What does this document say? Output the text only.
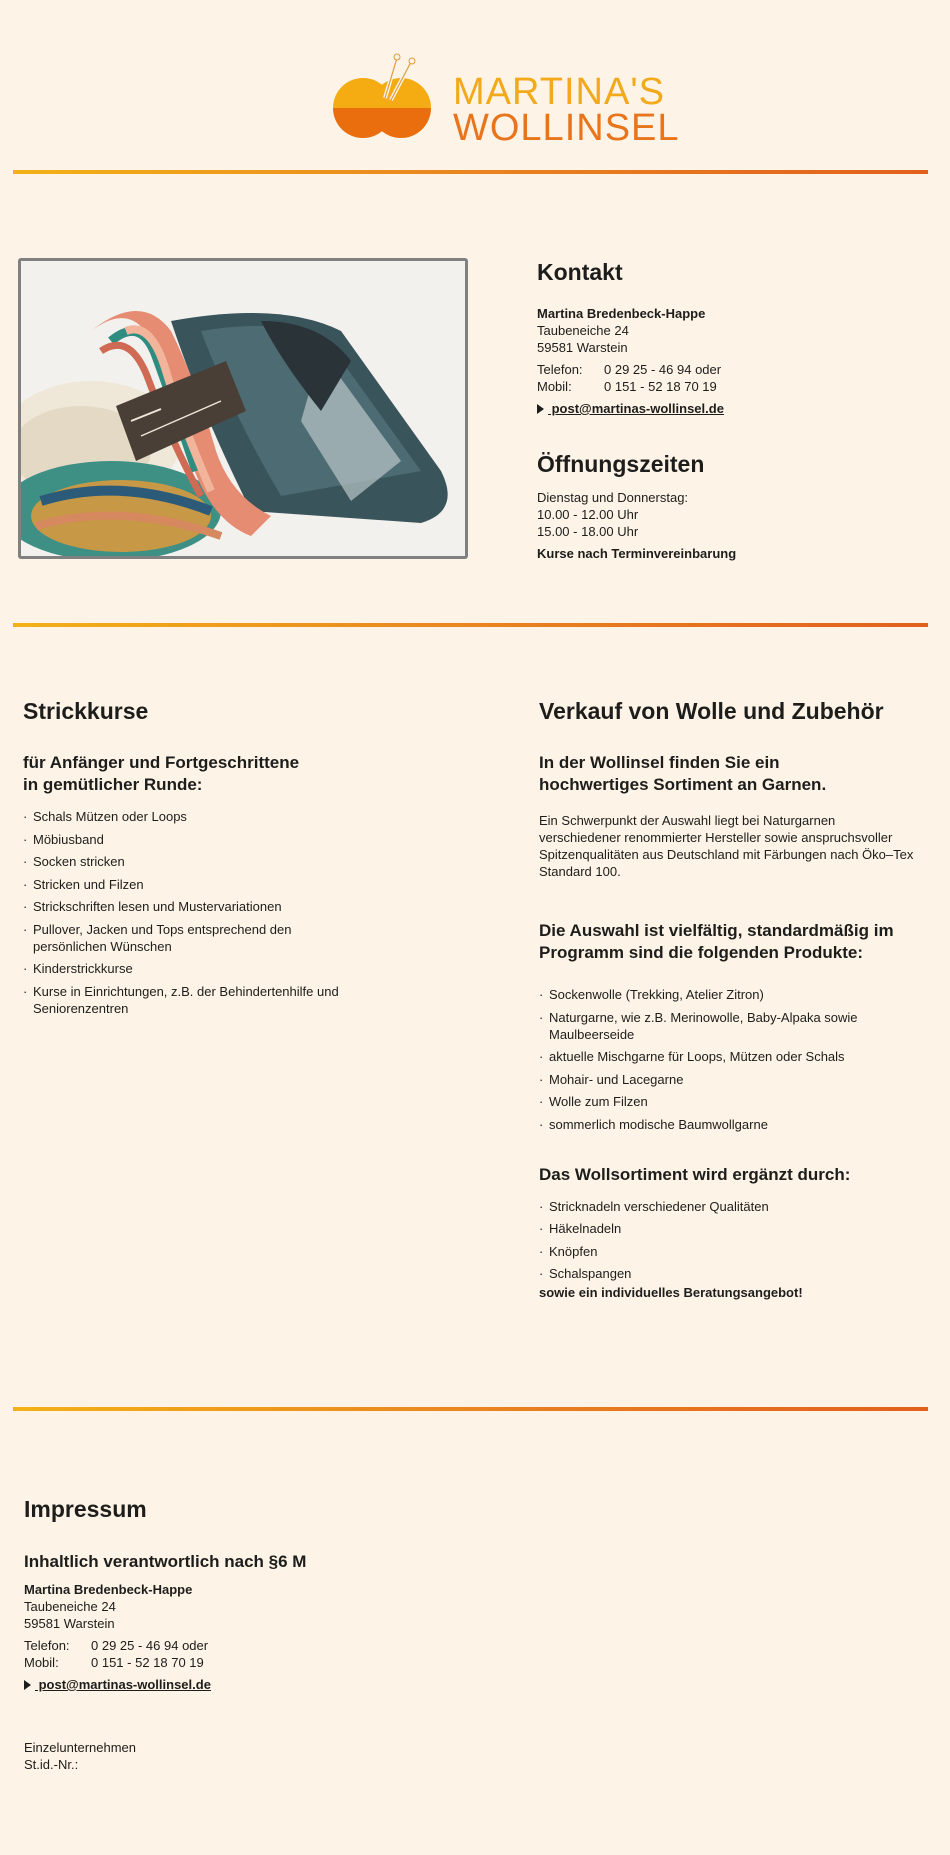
MARTINA'S
WOLLINSEL
Kontakt
Martina Bredenbeck-Happe
Taubeneiche 24
59581 Warstein
Telefon:	0 29 25 - 46 94 oder
Mobil:	0 151 - 52 18 70 19
post@martinas-wollinsel.de
Öffnungszeiten
Dienstag und Donnerstag:
10.00 - 12.00 Uhr
15.00 - 18.00 Uhr
Kurse nach Terminvereinbarung
Strickkurse
für Anfänger und Fortgeschrittene
in gemütlicher Runde:
· Schals Mützen oder Loops
· Möbiusband
· Socken stricken
· Stricken und Filzen
· Strickschriften lesen und Mustervariationen
· Pullover, Jacken und Tops entsprechend den persönlichen Wünschen
· Kinderstrickkurse
· Kurse in Einrichtungen, z.B. der Behindertenhilfe und Seniorenzentren
Verkauf von Wolle und Zubehör
In der Wollinsel finden Sie ein hochwertiges Sortiment an Garnen.

Ein Schwerpunkt der Auswahl liegt bei Naturgarnen verschiedener renommierter Hersteller sowie anspruchsvoller Spitzenqualitäten aus Deutschland mit Färbungen nach Öko–Tex Standard 100.

Die Auswahl ist vielfältig, standardmäßig im Programm sind die folgenden Produkte:
· Sockenwolle (Trekking, Atelier Zitron)
· Naturgarne, wie z.B. Merinowolle, Baby-Alpaka sowie Maulbeerseide
· aktuelle Mischgarne für Loops, Mützen oder Schals
· Mohair- und Lacegarne
· Wolle zum Filzen
· sommerlich modische Baumwollgarne
Das Wollsortiment wird ergänzt durch:
· Stricknadeln verschiedener Qualitäten
· Häkelnadeln
· Knöpfen
· Schalspangen
sowie ein individuelles Beratungsangebot!
Impressum
Inhaltlich verantwortlich nach §6 M
Martina Bredenbeck-Happe
Taubeneiche 24
59581 Warstein
Telefon:	0 29 25 - 46 94 oder
Mobil:	0 151 - 52 18 70 19
post@martinas-wollinsel.de
Einzelunternehmen
St.id.-Nr.:
